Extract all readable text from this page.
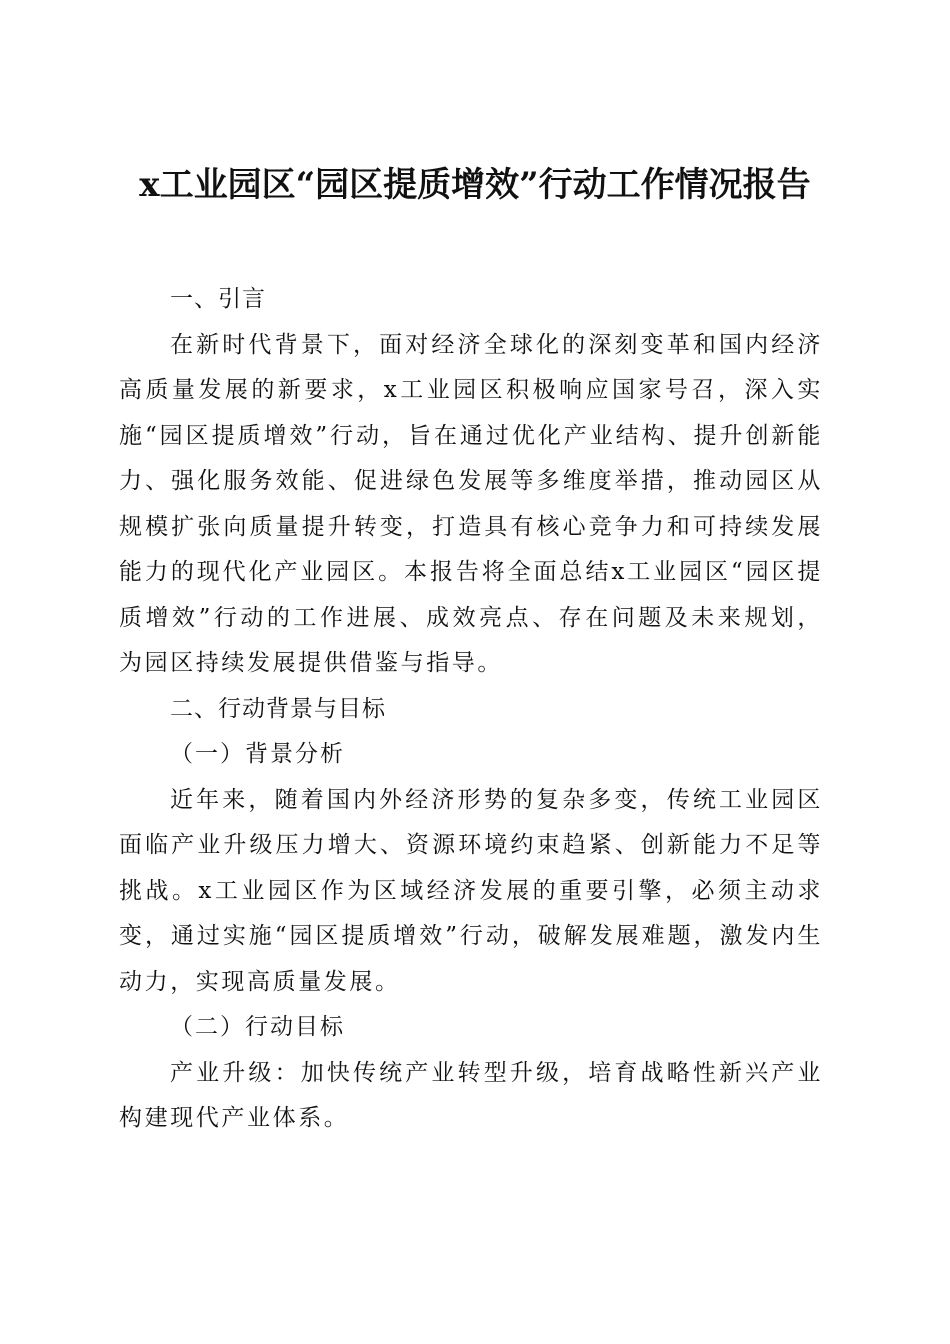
x工业园区“园区提质增效”行动工作情况报告
一、引言

在新时代背景下，面对经济全球化的深刻变革和国内经济高质量发展的新要求，x工业园区积极响应国家号召，深入实施“园区提质增效”行动，旨在通过优化产业结构、提升创新能力、强化服务效能、促进绿色发展等多维度举措，推动园区从规模扩张向质量提升转变，打造具有核心竞争力和可持续发展能力的现代化产业园区。本报告将全面总结x工业园区“园区提质增效”行动的工作进展、成效亮点、存在问题及未来规划，为园区持续发展提供借鉴与指导。

二、行动背景与目标
（一）背景分析

近年来，随着国内外经济形势的复杂多变，传统工业园区面临产业升级压力增大、资源环境约束趋紧、创新能力不足等挑战。x工业园区作为区域经济发展的重要引擎，必须主动求变，通过实施“园区提质增效”行动，破解发展难题，激发内生动力，实现高质量发展。

（二）行动目标

产业升级：加快传统产业转型升级，培育战略性新兴产业构建现代产业体系。
